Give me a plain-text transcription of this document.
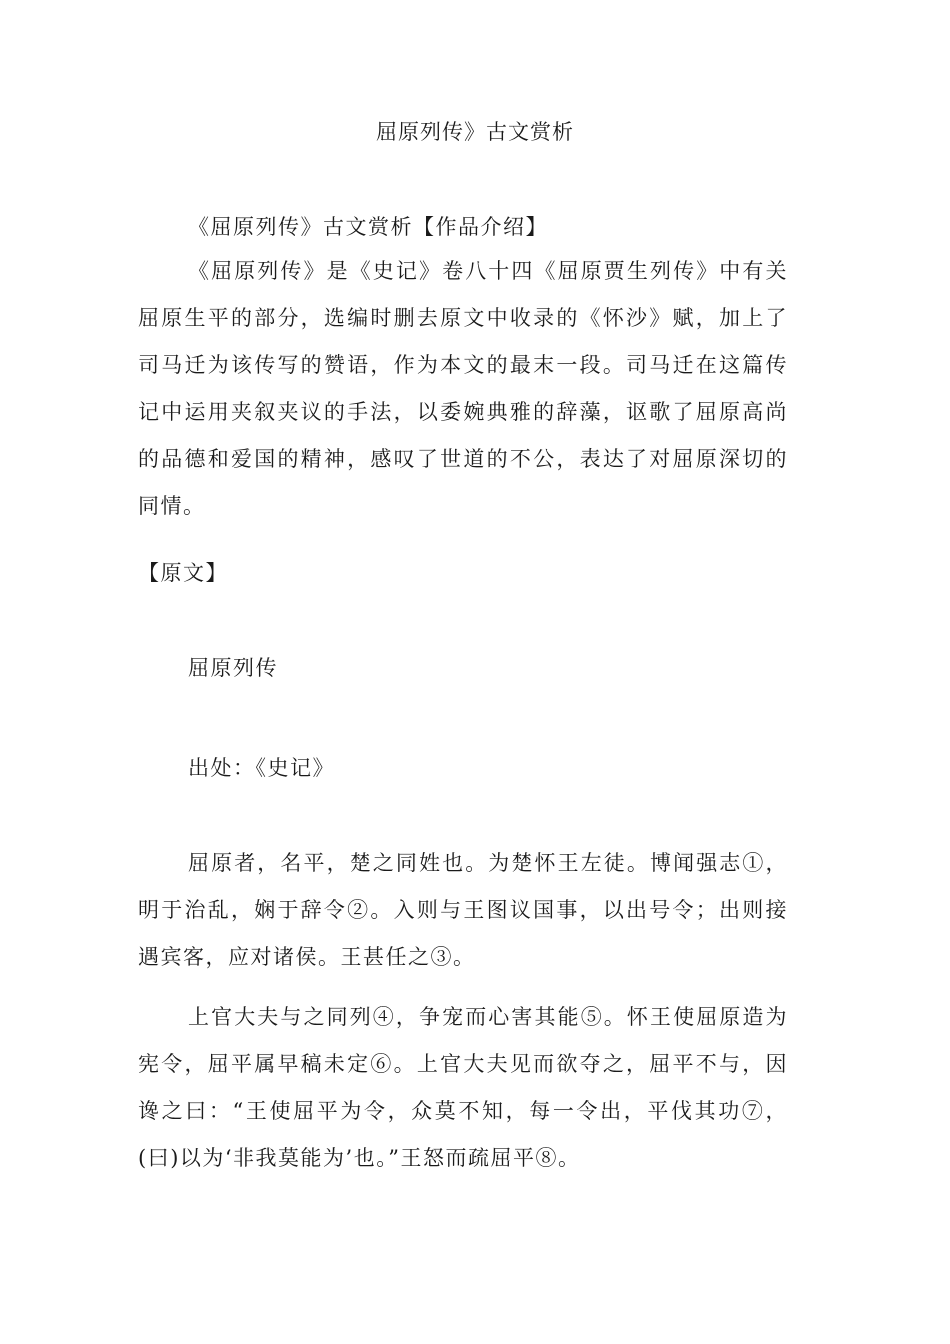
屈原列传》古文赏析
《屈原列传》古文赏析【作品介绍】
《屈原列传》是《史记》卷八十四《屈原贾生列传》中有关屈原生平的部分，选编时删去原文中收录的《怀沙》赋，加上了司马迁为该传写的赞语，作为本文的最末一段。司马迁在这篇传记中运用夹叙夹议的手法，以委婉典雅的辞藻，讴歌了屈原高尚的品德和爱国的精神，感叹了世道的不公，表达了对屈原深切的同情。
【原文】
屈原列传
出处：《史记》
屈原者，名平，楚之同姓也。为楚怀王左徒。博闻强志①，明于治乱，娴于辞令②。入则与王图议国事，以出号令；出则接遇宾客，应对诸侯。王甚任之③。
上官大夫与之同列④，争宠而心害其能⑤。怀王使屈原造为宪令，屈平属早稿未定⑥。上官大夫见而欲夺之，屈平不与，因谗之曰：“王使屈平为令，众莫不知，每一令出，平伐其功⑦，(曰)以为‘非我莫能为’也。”王怒而疏屈平⑧。
